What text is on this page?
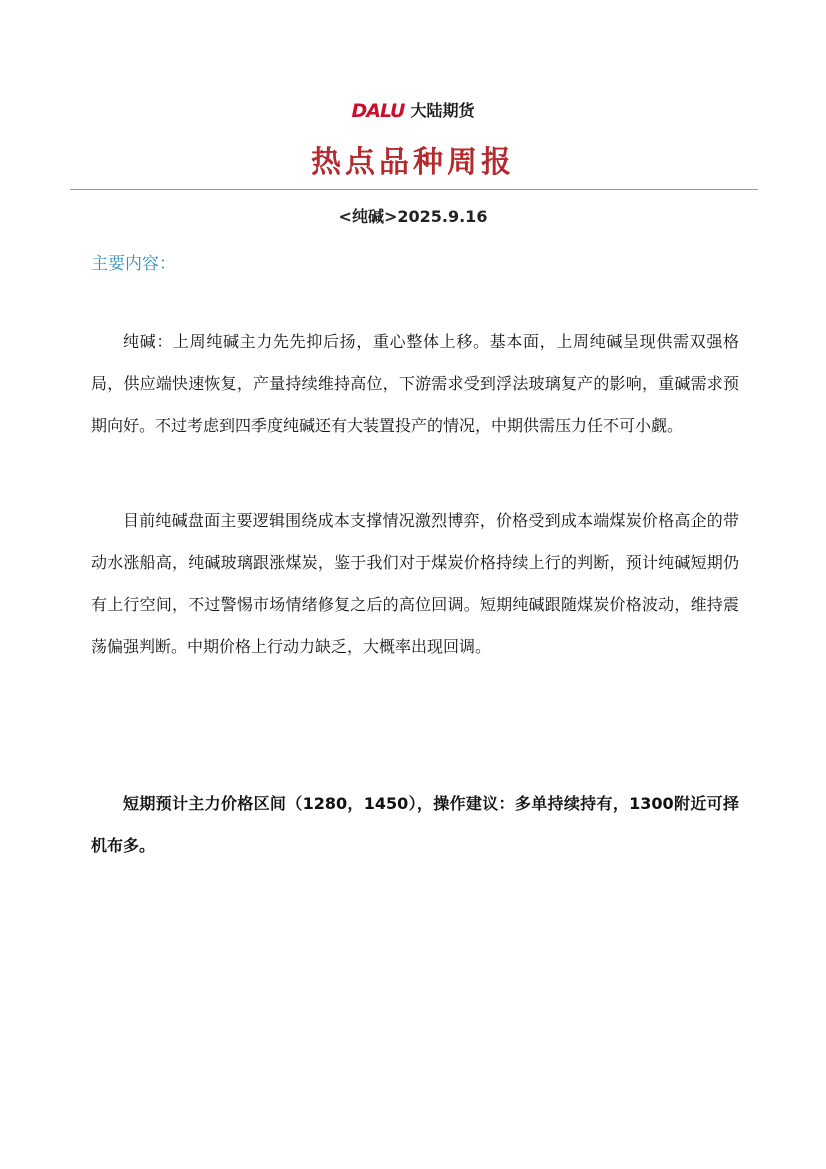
DALU 大陆期货
热点品种周报
<纯碱>2025.9.16
主要内容：

纯碱：上周纯碱主力先先抑后扬，重心整体上移。基本面，上周纯碱呈现供需双强格局，供应端快速恢复，产量持续维持高位，下游需求受到浮法玻璃复产的影响，重碱需求预期向好。不过考虑到四季度纯碱还有大装置投产的情况，中期供需压力任不可小觑。

目前纯碱盘面主要逻辑围绕成本支撑情况激烈博弈，价格受到成本端煤炭价格高企的带动水涨船高，纯碱玻璃跟涨煤炭，鉴于我们对于煤炭价格持续上行的判断，预计纯碱短期仍有上行空间，不过警惕市场情绪修复之后的高位回调。短期纯碱跟随煤炭价格波动，维持震荡偏强判断。中期价格上行动力缺乏，大概率出现回调。

短期预计主力价格区间（1280，1450），操作建议：多单持续持有，1300附近可择机布多。
